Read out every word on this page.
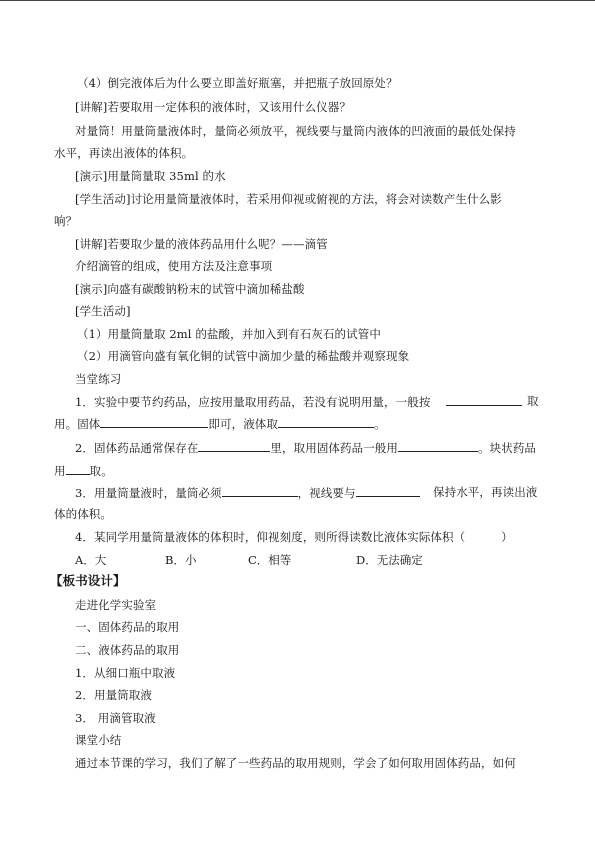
（4）倒完液体后为什么要立即盖好瓶塞，并把瓶子放回原处？
[讲解]若要取用一定体积的液体时，又该用什么仪器？
对量筒！用量筒量液体时，量筒必须放平，视线要与量筒内液体的凹液面的最低处保持
水平，再读出液体的体积。
[演示]用量筒量取 35ml 的水
[学生活动]讨论用量筒量液体时，若采用仰视或俯视的方法，将会对读数产生什么影
响？
[讲解]若要取少量的液体药品用什么呢？——滴管
介绍滴管的组成，使用方法及注意事项
[演示]向盛有碳酸钠粉末的试管中滴加稀盐酸
[学生活动]
（1）用量筒量取 2ml 的盐酸，并加入到有石灰石的试管中
（2）用滴管向盛有氧化铜的试管中滴加少量的稀盐酸并观察现象
当堂练习
1．实验中要节约药品，应按用量取用药品，若没有说明用量，一般按	取
用。固体	即可，液体取	。
2．固体药品通常保存在	里，取用固体药品一般用	。块状药品
用 取。
3．用量筒量液时，量筒必须	，视线要与	保持水平，再读出液
体的体积。
4．某同学用量筒量液体的体积时，仰视刻度，则所得读数比液体实际体积（	）
A．大	B．小	C．相等	D．无法确定
【板书设计】
走进化学实验室
一、固体药品的取用
二、液体药品的取用
1．从细口瓶中取液
2．用量筒取液
3． 用滴管取液
课堂小结
通过本节课的学习，我们了解了一些药品的取用规则，学会了如何取用固体药品，如何
